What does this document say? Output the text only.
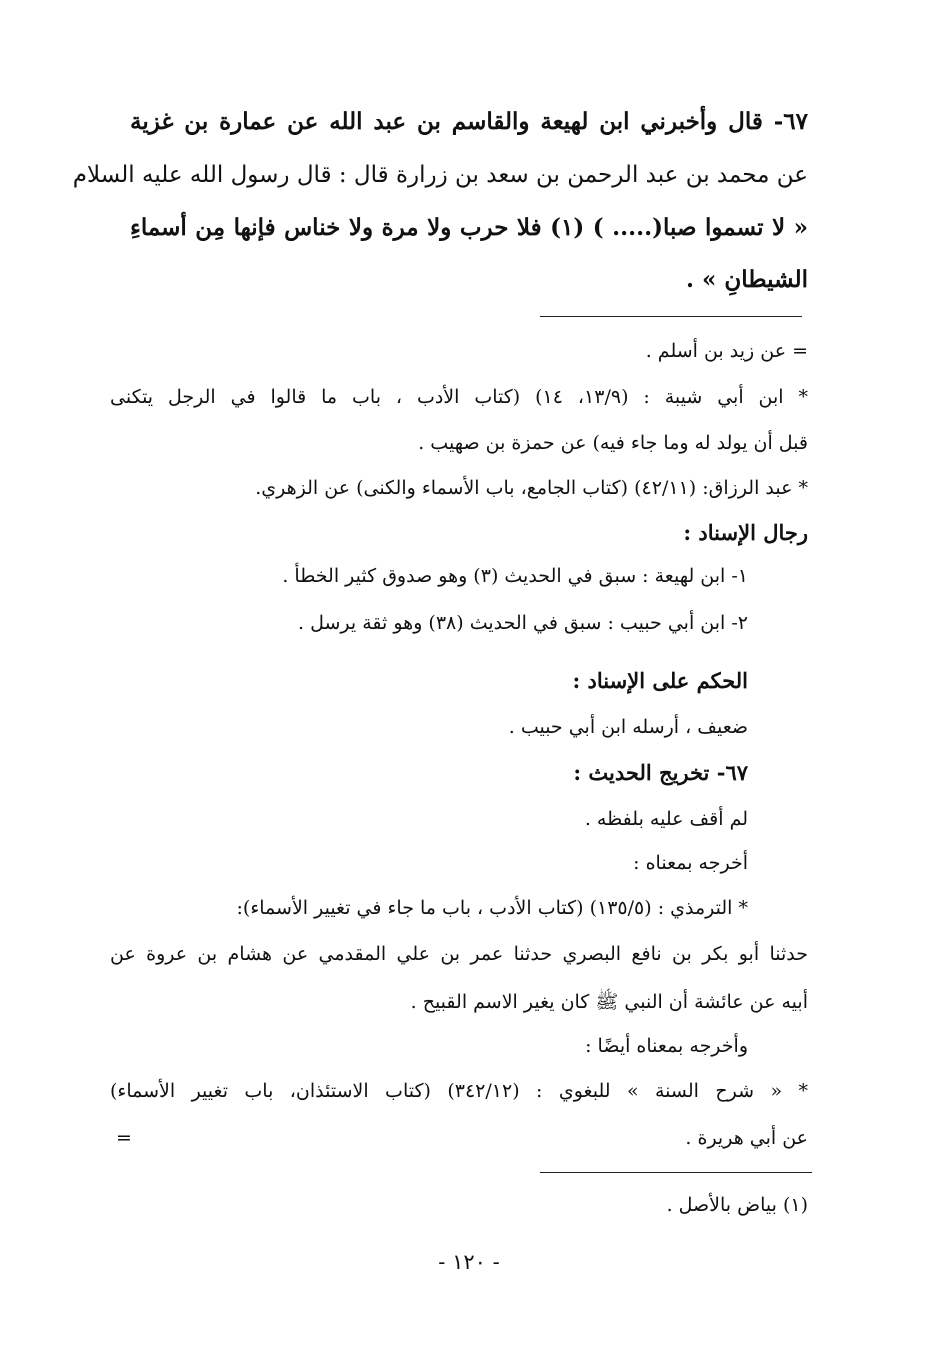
٦٧- قال وأخبرني ابن لهيعة والقاسم بن عبد الله عن عمارة بن غزية
عن محمد بن عبد الرحمن بن سعد بن زرارة قال : قال رسول الله عليه السلام
« لا تسموا صبا(..... ) (١) فلا حرب ولا مرة ولا خناس فإنها مِن أسماءِ
الشيطانِ » .
= عن زيد بن أسلم .
* ابن أبي شيبة : (١٣/٩، ١٤) (كتاب الأدب ، باب ما قالوا في الرجل يتكنى
قبل أن يولد له وما جاء فيه) عن حمزة بن صهيب .
* عبد الرزاق: (٤٢/١١) (كتاب الجامع، باب الأسماء والكنى) عن الزهري.
رجال الإسناد :
١- ابن لهيعة : سبق في الحديث (٣) وهو صدوق كثير الخطأ .
٢- ابن أبي حبيب : سبق في الحديث (٣٨) وهو ثقة يرسل .
الحكم على الإسناد :
ضعيف ، أرسله ابن أبي حبيب .
٦٧- تخريج الحديث :
لم أقف عليه بلفظه .
أخرجه بمعناه :
* الترمذي : (١٣٥/٥) (كتاب الأدب ، باب ما جاء في تغيير الأسماء):
حدثنا أبو بكر بن نافع البصري حدثنا عمر بن علي المقدمي عن هشام بن عروة عن
أبيه عن عائشة أن النبي ﷺ كان يغير الاسم القبيح .
وأخرجه بمعناه أيضًا :
* « شرح السنة » للبغوي : (٣٤٢/١٢) (كتاب الاستئذان، باب تغيير الأسماء)
عن أبي هريرة .
=
(١) بياض بالأصل .
- ١٢٠ -
